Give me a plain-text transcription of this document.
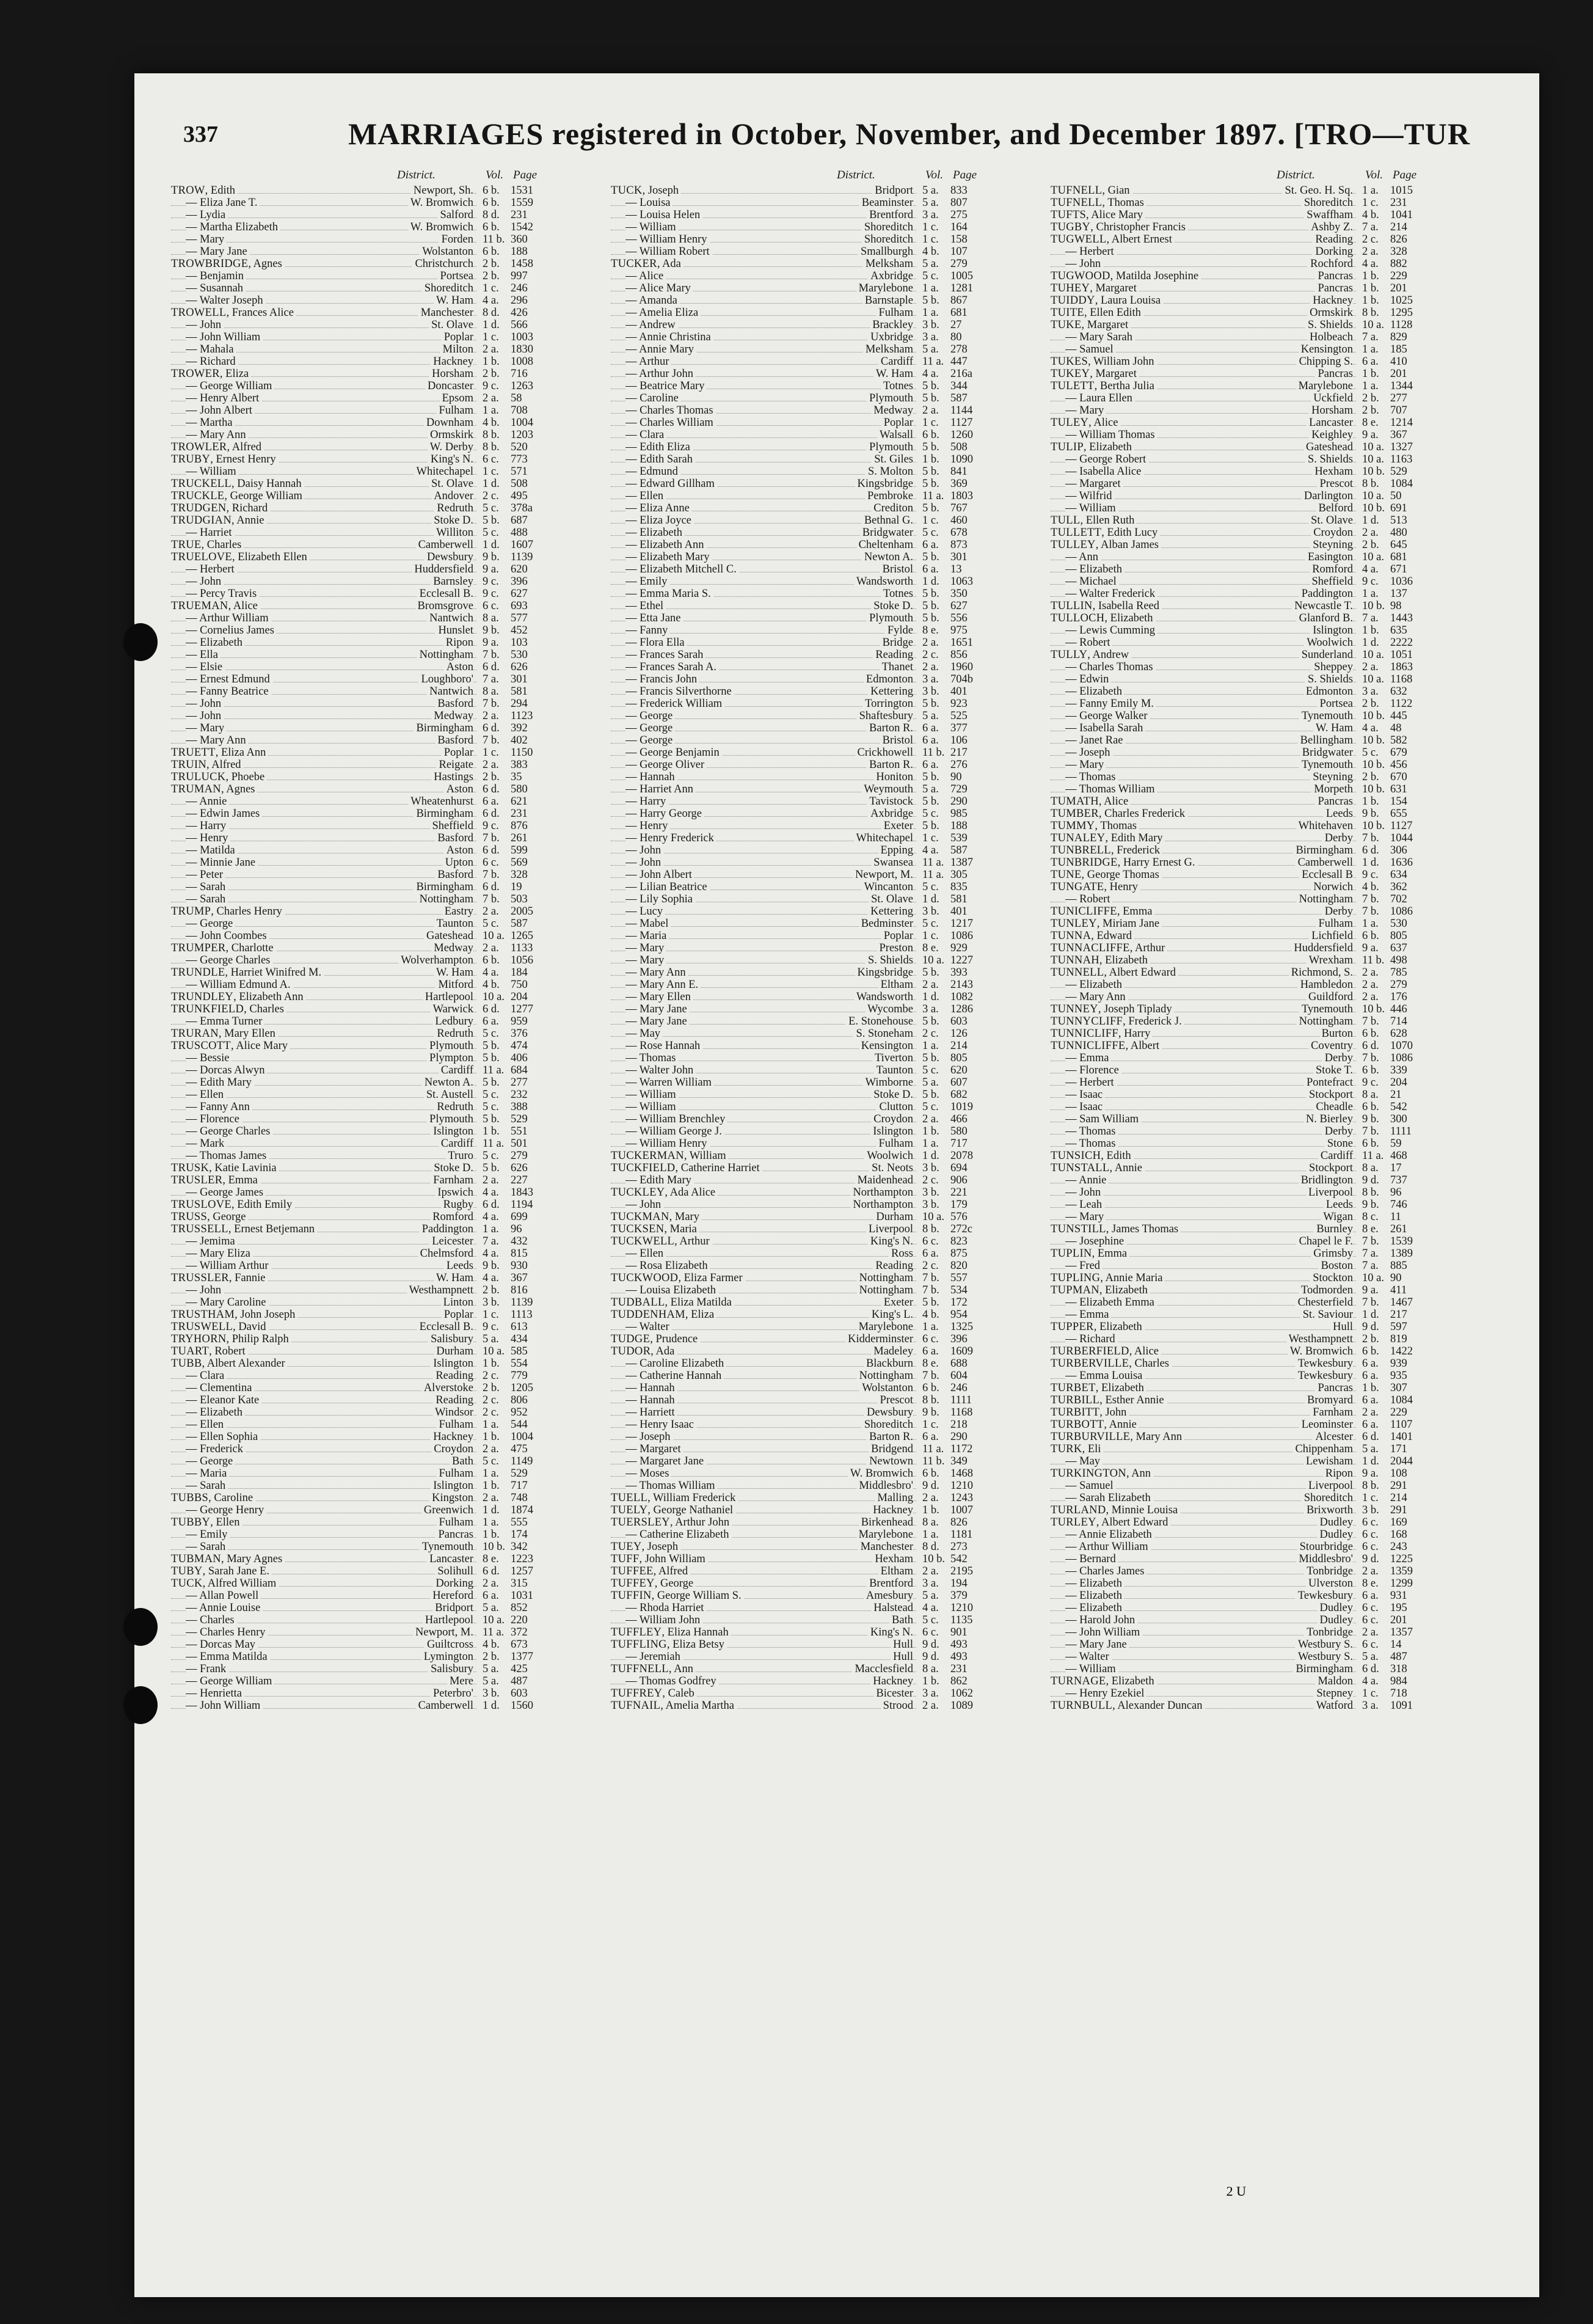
337	MARRIAGES registered in October, November, and December 1897. [TRO—TUR
District.	Vol. Page
TROW, Edith	Newport, Sh. 6 b. 1531
— Eliza Jane T.	W. Bromwich 6 b. 1559
— Lydia	Salford 8 d. 231
— Martha Elizabeth	W. Bromwich 6 b. 1542
— Mary	Forden 11 b. 360
— Mary Jane	Wolstanton 6 b. 188
TROWBRIDGE, Agnes	Christchurch 2 b. 1458
— Benjamin	Portsea 2 b. 997
— Susannah	Shoreditch 1 c.	246
— Walter Joseph	W. Ham 4 a.	296
TROWELL, Frances Alice	Manchester 8 d. 426
— John	St. Olave 1 d. 566
— John William	Poplar 1 c.	1003
— Mahala	Milton 2 a.	1830
— Richard	Hackney 1 b. 1008
TROWER, Eliza	Horsham 2 b. 716
— George William	Doncaster 9 c.	1263
— Henry Albert	Epsom 2 a.	58
— John Albert	Fulham 1 a.	708
— Martha	Downham 4 b. 1004
— Mary Ann	Ormskirk 8 b. 1203
TROWLER, Alfred	W. Derby 8 b. 520
TRUBY, Ernest Henry	King's N. 6 c.	773
— William	Whitechapel 1 c.	571
TRUCKELL, Daisy Hannah	St. Olave 1 d. 508
TRUCKLE, George William	Andover 2 c.	495
TRUDGEN, Richard	Redruth 5 c.	378a
TRUDGIAN, Annie	Stoke D. 5 b. 687
— Harriet	Williton 5 c.	488
TRUE, Charles	Camberwell 1 d. 1607
TRUELOVE, Elizabeth Ellen	Dewsbury 9 b. 1139
— Herbert	Huddersfield 9 a.	620
— John	Barnsley 9 c.	396
— Percy Travis	Ecclesall B. 9 c.	627
TRUEMAN, Alice	Bromsgrove 6 c.	693
— Arthur William	Nantwich 8 a.	577
— Cornelius James	Hunslet 9 b. 452
— Elizabeth	Ripon 9 a.	103
— Ella	Nottingham 7 b. 530
— Elsie	Aston 6 d. 626
— Ernest Edmund	Loughboro' 7 a.	301
— Fanny Beatrice	Nantwich 8 a.	581
— John	Basford 7 b. 294
— John	Medway 2 a.	1123
— Mary	Birmingham 6 d. 392
— Mary Ann	Basford 7 b. 402
TRUETT, Eliza Ann	Poplar 1 c.	1150
TRUIN, Alfred	Reigate 2 a.	383
TRULUCK, Phoebe	Hastings 2 b. 35
TRUMAN, Agnes	Aston 6 d. 580
— Annie	Wheatenhurst 6 a.	621
— Edwin James	Birmingham 6 d. 231
— Harry	Sheffield 9 c.	876
— Henry	Basford 7 b. 261
— Matilda	Aston 6 d. 599
— Minnie Jane	Upton 6 c.	569
— Peter	Basford 7 b. 328
— Sarah	Birmingham 6 d. 19
— Sarah	Nottingham 7 b. 503
TRUMP, Charles Henry	Eastry 2 a.	2005
— George	Taunton 5 c.	587
— John Coombes	Gateshead 10 a. 1265
TRUMPER, Charlotte	Medway 2 a.	1133
— George Charles	Wolverhampton 6 b. 1056
TRUNDLE, Harriet Winifred M.	W. Ham 4 a.	184
— William Edmund A.	Mitford 4 b. 750
TRUNDLEY, Elizabeth Ann	Hartlepool 10 a. 204
TRUNKFIELD, Charles	Warwick 6 d. 1277
— Emma Turner	Ledbury 6 a.	959
TRURAN, Mary Ellen	Redruth 5 c.	376
TRUSCOTT, Alice Mary	Plymouth 5 b. 474
— Bessie	Plympton 5 b. 406
— Dorcas Alwyn	Cardiff 11 a. 684
— Edith Mary	Newton A. 5 b. 277
— Ellen	St. Austell 5 c.	232
— Fanny Ann	Redruth 5 c.	388
— Florence	Plymouth 5 b. 529
— George Charles	Islington 1 b. 551
— Mark	Cardiff 11 a. 501
— Thomas James	Truro 5 c.	279
TRUSK, Katie Lavinia	Stoke D. 5 b. 626
TRUSLER, Emma	Farnham 2 a.	227
— George James	Ipswich 4 a.	1843
TRUSLOVE, Edith Emily	Rugby 6 d. 1194
TRUSS, George	Romford 4 a.	699
TRUSSELL, Ernest Betjemann	Paddington 1 a.	96
— Jemima	Leicester 7 a.	432
— Mary Eliza	Chelmsford 4 a.	815
— William Arthur	Leeds 9 b. 930
TRUSSLER, Fannie	W. Ham 4 a.	367
— John	Westhampnett 2 b. 816
— Mary Caroline	Linton 3 b. 1139
TRUSTHAM, John Joseph	Poplar 1 c.	1113
TRUSWELL, David	Ecclesall B. 9 c.	613
TRYHORN, Philip Ralph	Salisbury 5 a.	434
TUART, Robert	Durham 10 a. 585
TUBB, Albert Alexander	Islington 1 b. 554
— Clara	Reading 2 c.	779
— Clementina	Alverstoke 2 b. 1205
— Eleanor Kate	Reading 2 c.	806
— Elizabeth	Windsor 2 c.	952
— Ellen	Fulham 1 a.	544
— Ellen Sophia	Hackney 1 b. 1004
— Frederick	Croydon 2 a.	475
— George	Bath 5 c.	1149
— Maria	Fulham 1 a.	529
— Sarah	Islington 1 b. 717
TUBBS, Caroline	Kingston 2 a.	748
— George Henry	Greenwich 1 d. 1874
TUBBY, Ellen	Fulham 1 a.	555
— Emily	Pancras 1 b. 174
— Sarah	Tynemouth 10 b. 342
TUBMAN, Mary Agnes	Lancaster 8 e.	1223
TUBY, Sarah Jane E.	Solihull 6 d. 1257
TUCK, Alfred William	Dorking 2 a.	315
— Allan Powell	Hereford 6 a.	1031
— Annie Louise	Bridport 5 a.	852
— Charles	Hartlepool 10 a. 220
— Charles Henry	Newport, M. 11 a. 372
— Dorcas May	Guiltcross 4 b. 673
— Emma Matilda	Lymington 2 b. 1377
— Frank	Salisbury 5 a.	425
— George William	Mere 5 a.	487
— Henrietta	Peterbro' 3 b. 603
— John William	Camberwell 1 d. 1560
District.	Vol. Page
TUCK, Joseph	Bridport 5 a.	833
— Louisa	Beaminster 5 a.	807
— Louisa Helen	Brentford 3 a.	275
— William	Shoreditch 1 c.	164
— William Henry	Shoreditch 1 c.	158
— William Robert	Smallburgh 4 b. 107
TUCKER, Ada	Melksham 5 a.	279
— Alice	Axbridge 5 c.	1005
— Alice Mary	Marylebone 1 a.	1281
— Amanda	Barnstaple 5 b. 867
— Amelia Eliza	Fulham 1 a.	681
— Andrew	Brackley 3 b. 27
— Annie Christina	Uxbridge 3 a.	80
— Annie Mary	Melksham 5 a.	278
— Arthur	Cardiff 11 a. 447
— Arthur John	W. Ham 4 a.	216a
— Beatrice Mary	Totnes 5 b. 344
— Caroline	Plymouth 5 b. 587
— Charles Thomas	Medway 2 a.	1144
— Charles William	Poplar 1 c.	1127
— Clara	Walsall 6 b. 1260
— Edith Eliza	Plymouth 5 b. 508
— Edith Sarah	St. Giles 1 b. 1090
— Edmund	S. Molton 5 b. 841
— Edward Gillham	Kingsbridge 5 b. 369
— Ellen	Pembroke 11 a. 1803
— Eliza Anne	Crediton 5 b. 767
— Eliza Joyce	Bethnal G. 1 c.	460
— Elizabeth	Bridgwater 5 c.	678
— Elizabeth Ann	Cheltenham 6 a.	873
— Elizabeth Mary	Newton A. 5 b. 301
— Elizabeth Mitchell C.	Bristol 6 a.	13
— Emily	Wandsworth 1 d. 1063
— Emma Maria S.	Totnes 5 b. 350
— Ethel	Stoke D. 5 b. 627
— Etta Jane	Plymouth 5 b. 556
— Fanny	Fylde 8 e.	975
— Flora Ella	Bridge 2 a.	1651
— Frances Sarah	Reading 2 c.	856
— Frances Sarah A.	Thanet 2 a.	1960
— Francis John	Edmonton 3 a.	704b
— Francis Silverthorne	Kettering 3 b. 401
— Frederick William	Torrington 5 b. 923
— George	Shaftesbury 5 a.	525
— George	Barton R. 6 a.	377
— George	Bristol 6 a.	106
— George Benjamin	Crickhowell 11 b. 217
— George Oliver	Barton R. 6 a.	276
— Hannah	Honiton 5 b. 90
— Harriet Ann	Weymouth 5 a.	729
— Harry	Tavistock 5 b. 290
— Harry George	Axbridge 5 c.	985
— Henry	Exeter 5 b. 188
— Henry Frederick	Whitechapel 1 c.	539
— John	Epping 4 a.	587
— John	Swansea 11 a. 1387
— John Albert	Newport, M. 11 a. 305
— Lilian Beatrice	Wincanton 5 c.	835
— Lily Sophia	St. Olave 1 d. 581
— Lucy	Kettering 3 b. 401
— Mabel	Bedminster 5 c.	1217
— Maria	Poplar 1 c.	1086
— Mary	Preston 8 e.	929
— Mary	S. Shields 10 a. 1227
— Mary Ann	Kingsbridge 5 b. 393
— Mary Ann E.	Eltham 2 a.	2143
— Mary Ellen	Wandsworth 1 d. 1082
— Mary Jane	Wycombe 3 a.	1286
— Mary Jane	E. Stonehouse 5 b. 603
— May	S. Stoneham 2 c.	126
— Rose Hannah	Kensington 1 a.	214
— Thomas	Tiverton 5 b. 805
— Walter John	Taunton 5 c.	620
— Warren William	Wimborne 5 a.	607
— William	Stoke D. 5 b. 682
— William	Clutton 5 c.	1019
— William Brenchley	Croydon 2 a.	466
— William George J.	Islington 1 b. 580
— William Henry	Fulham 1 a.	717
TUCKERMAN, William	Woolwich 1 d. 2078
TUCKFIELD, Catherine Harriet	St. Neots 3 b. 694
— Edith Mary	Maidenhead 2 c.	906
TUCKLEY, Ada Alice	Northampton 3 b. 221
— John	Northampton 3 b. 179
TUCKMAN, Mary	Durham 10 a. 576
TUCKSEN, Maria	Liverpool 8 b. 272c
TUCKWELL, Arthur	King's N. 6 c.	823
— Ellen	Ross 6 a.	875
— Rosa Elizabeth	Reading 2 c.	820
TUCKWOOD, Eliza Farmer	Nottingham 7 b. 557
— Louisa Elizabeth	Nottingham 7 b. 534
TUDBALL, Eliza Matilda	Exeter 5 b. 172
TUDDENHAM, Eliza	King's L. 4 b. 954
— Walter	Marylebone 1 a.	1325
TUDGE, Prudence	Kidderminster 6 c.	396
TUDOR, Ada	Madeley 6 a.	1609
— Caroline Elizabeth	Blackburn 8 e.	688
— Catherine Hannah	Nottingham 7 b. 604
— Hannah	Wolstanton 6 b. 246
— Hannah	Prescot 8 b. 1111
— Harriett	Dewsbury 9 b. 1168
— Henry Isaac	Shoreditch 1 c.	218
— Joseph	Barton R. 6 a.	290
— Margaret	Bridgend 11 a. 1172
— Margaret Jane	Newtown 11 b. 349
— Moses	W. Bromwich 6 b. 1468
— Thomas William	Middlesbro' 9 d. 1210
TUELL, William Frederick	Malling 2 a.	1243
TUELY, George Nathaniel	Hackney 1 b. 1007
TUERSLEY, Arthur John	Birkenhead 8 a.	826
— Catherine Elizabeth	Marylebone 1 a.	1181
TUEY, Joseph	Manchester 8 d. 273
TUFF, John William	Hexham 10 b. 542
TUFFEE, Alfred	Eltham 2 a.	2195
TUFFEY, George	Brentford 3 a.	194
TUFFIN, George William S.	Amesbury 5 a.	379
— Rhoda Harriet	Halstead 4 a.	1210
— William John	Bath 5 c.	1135
TUFFLEY, Eliza Hannah	King's N. 6 c.	901
TUFFLING, Eliza Betsy	Hull 9 d. 493
— Jeremiah	Hull 9 d. 493
TUFFNELL, Ann	Macclesfield 8 a.	231
— Thomas Godfrey	Hackney 1 b. 862
TUFFREY, Caleb	Bicester 3 a.	1062
TUFNAIL, Amelia Martha	Strood 2 a.	1089
District.	Vol. Page
TUFNELL, Gian	St. Geo. H. Sq. 1 a.	1015
TUFNELL, Thomas	Shoreditch 1 c.	231
TUFTS, Alice Mary	Swaffham 4 b. 1041
TUGBY, Christopher Francis	Ashby Z. 7 a.	214
TUGWELL, Albert Ernest	Reading 2 c.	826
— Herbert	Dorking 2 a.	328
— John	Rochford 4 a.	882
TUGWOOD, Matilda Josephine	Pancras 1 b. 229
TUHEY, Margaret	Pancras 1 b. 201
TUIDDY, Laura Louisa	Hackney 1 b. 1025
TUITE, Ellen Edith	Ormskirk 8 b. 1295
TUKE, Margaret	S. Shields 10 a. 1128
— Mary Sarah	Holbeach 7 a.	829
— Samuel	Kensington 1 a.	185
TUKES, William John	Chipping S. 6 a.	410
TUKEY, Margaret	Pancras 1 b. 201
TULETT, Bertha Julia	Marylebone 1 a.	1344
— Laura Ellen	Uckfield 2 b. 277
— Mary	Horsham 2 b. 707
TULEY, Alice	Lancaster 8 e.	1214
— William Thomas	Keighley 9 a.	367
TULIP, Elizabeth	Gateshead 10 a. 1327
— George Robert	S. Shields 10 a. 1163
— Isabella Alice	Hexham 10 b. 529
— Margaret	Prescot 8 b. 1084
— Wilfrid	Darlington 10 a. 50
— William	Belford 10 b. 691
TULL, Ellen Ruth	St. Olave 1 d. 513
TULLETT, Edith Lucy	Croydon 2 a.	480
TULLEY, Alban James	Steyning 2 b. 645
— Ann	Easington 10 a. 681
— Elizabeth	Romford 4 a.	671
— Michael	Sheffield 9 c.	1036
— Walter Frederick	Paddington 1 a.	137
TULLIN, Isabella Reed	Newcastle T. 10 b. 98
TULLOCH, Elizabeth	Glanford B. 7 a.	1443
— Lewis Cumming	Islington 1 b. 635
— Robert	Woolwich 1 d. 2222
TULLY, Andrew	Sunderland 10 a. 1051
— Charles Thomas	Sheppey 2 a.	1863
— Edwin	S. Shields 10 a. 1168
— Elizabeth	Edmonton 3 a.	632
— Fanny Emily M.	Portsea 2 b. 1122
— George Walker	Tynemouth 10 b. 445
— Isabella Sarah	W. Ham 4 a.	48
— Janet Rae	Bellingham 10 b. 582
— Joseph	Bridgwater 5 c.	679
— Mary	Tynemouth 10 b. 456
— Thomas	Steyning 2 b. 670
— Thomas William	Morpeth 10 b. 631
TUMATH, Alice	Pancras 1 b. 154
TUMBER, Charles Frederick	Leeds 9 b. 655
TUMMY, Thomas	Whitehaven 10 b. 1127
TUNALEY, Edith Mary	Derby 7 b. 1044
TUNBRELL, Frederick	Birmingham 6 d. 306
TUNBRIDGE, Harry Ernest G.	Camberwell 1 d. 1636
TUNE, George Thomas	Ecclesall B 9 c.	634
TUNGATE, Henry	Norwich 4 b. 362
— Robert	Nottingham 7 b. 702
TUNICLIFFE, Emma	Derby 7 b. 1086
TUNLEY, Miriam Jane	Fulham 1 a.	530
TUNNA, Edward	Lichfield 6 b. 805
TUNNACLIFFE, Arthur	Huddersfield 9 a.	637
TUNNAH, Elizabeth	Wrexham 11 b. 498
TUNNELL, Albert Edward	Richmond, S. 2 a.	785
— Elizabeth	Hambledon 2 a.	279
— Mary Ann	Guildford 2 a.	176
TUNNEY, Joseph Tiplady	Tynemouth 10 b. 446
TUNNYCLIFF, Frederick J.	Nottingham 7 b. 714
TUNNICLIFF, Harry	Burton 6 b. 628
TUNNICLIFFE, Albert	Coventry 6 d. 1070
— Emma	Derby 7 b. 1086
— Florence	Stoke T. 6 b. 339
— Herbert	Pontefract 9 c.	204
— Isaac	Stockport 8 a.	21
— Isaac	Cheadle 6 b. 542
— Sam William	N. Bierley 9 b. 300
— Thomas	Derby 7 b. 1111
— Thomas	Stone 6 b. 59
TUNSICH, Edith	Cardiff 11 a. 468
TUNSTALL, Annie	Stockport 8 a.	17
— Annie	Bridlington 9 d. 737
— John	Liverpool 8 b. 96
— Leah	Leeds 9 b. 746
— Mary	Wigan 8 c.	11
TUNSTILL, James Thomas	Burnley 8 e.	261
— Josephine	Chapel le F. 7 b. 1539
TUPLIN, Emma	Grimsby 7 a.	1389
— Fred	Boston 7 a.	885
TUPLING, Annie Maria	Stockton 10 a. 90
TUPMAN, Elizabeth	Todmorden 9 a.	411
— Elizabeth Emma	Chesterfield 7 b. 1467
— Emma	St. Saviour 1 d. 217
TUPPER, Elizabeth	Hull 9 d. 597
— Richard	Westhampnett 2 b. 819
TURBERFIELD, Alice	W. Bromwich 6 b. 1422
TURBERVILLE, Charles	Tewkesbury 6 a.	939
— Emma Louisa	Tewkesbury 6 a.	935
TURBET, Elizabeth	Pancras 1 b. 307
TURBILL, Esther Annie	Bromyard 6 a.	1084
TURBITT, John	Farnham 2 a.	229
TURBOTT, Annie	Leominster 6 a.	1107
TURBURVILLE, Mary Ann	Alcester 6 d. 1401
TURK, Eli	Chippenham 5 a.	171
— May	Lewisham 1 d. 2044
TURKINGTON, Ann	Ripon 9 a.	108
— Samuel	Liverpool 8 b. 291
— Sarah Elizabeth	Shoreditch 1 c.	214
TURLAND, Minnie Louisa	Brixworth 3 b. 291
TURLEY, Albert Edward	Dudley 6 c.	169
— Annie Elizabeth	Dudley 6 c.	168
— Arthur William	Stourbridge 6 c.	243
— Bernard	Middlesbro' 9 d. 1225
— Charles James	Tonbridge 2 a.	1359
— Elizabeth	Ulverston 8 e.	1299
— Elizabeth	Tewkesbury 6 a.	931
— Elizabeth	Dudley 6 c.	195
— Harold John	Dudley 6 c.	201
— John William	Tonbridge 2 a.	1357
— Mary Jane	Westbury S. 6 c.	14
— Walter	Westbury S. 5 a.	487
— William	Birmingham 6 d. 318
TURNAGE, Elizabeth	Maldon 4 a.	984
— Henry Ezekiel	Stepney 1 c.	718
TURNBULL, Alexander Duncan	Watford 3 a.	1091
2 U
